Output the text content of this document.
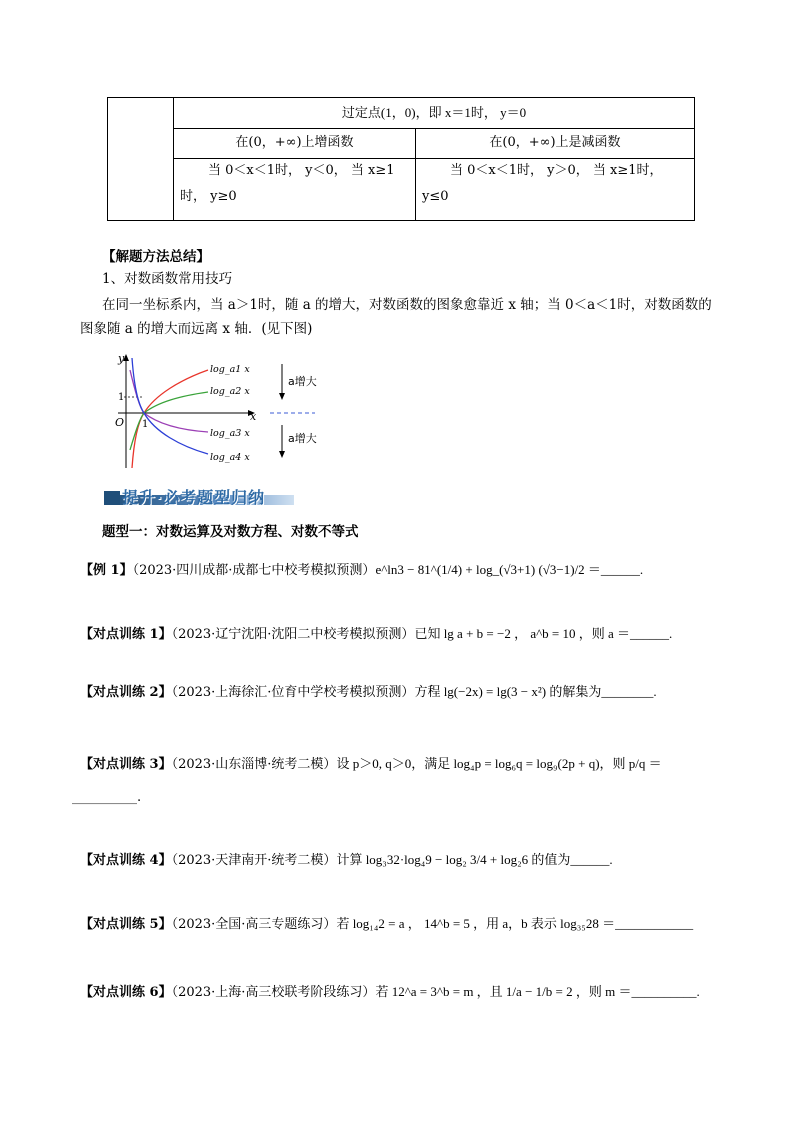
过定点(1，0)，即 x＝1时， y＝0
在(0，+∞)上增函数	在(0，+∞)上是减函数
当 0＜x＜1时， y＜0， 当 x≥1
时， y≥0
当 0＜x＜1时， y＞0， 当 x≥1时，
y≤0
【解题方法总结】
1、对数函数常用技巧
在同一坐标系内，当 a＞1时，随 a 的增大，对数函数的图象愈靠近 x 轴；当 0＜a＜1时，对数函数的
图象随 a 的增大而远离 x 轴．(见下图)
y
x
O
1
1
log_a1 x
log_a2 x
log_a3 x
log_a4 x
a增大
a增大
提升·必考题型归纳
题型一：对数运算及对数方程、对数不等式
【例 1】（2023·四川成都·成都七中校考模拟预测）e^ln3 − 81^(1/4) + log_(√3+1) (√3−1)/2 ＝______.
【对点训练 1】（2023·辽宁沈阳·沈阳二中校考模拟预测）已知 lg a + b = −2 ， a^b = 10 ，则 a ＝______.
【对点训练 2】（2023·上海徐汇·位育中学校考模拟预测）方程 lg(−2x) = lg(3 − x²) 的解集为________.
【对点训练 3】（2023·山东淄博·统考二模）设 p＞0, q＞0，满足 log₄p = log₆q = log₉(2p + q)，则 p/q ＝
__________.
【对点训练 4】（2023·天津南开·统考二模）计算 log₃32·log₄9 − log₂ 3/4 + log₂6 的值为______.
【对点训练 5】（2023·全国·高三专题练习）若 log₁₄2 = a ， 14^b = 5 ，用 a，b 表示 log₃₅28 ＝____________
【对点训练 6】（2023·上海·高三校联考阶段练习）若 12^a = 3^b = m ，且 1/a − 1/b = 2 ，则 m ＝__________.
